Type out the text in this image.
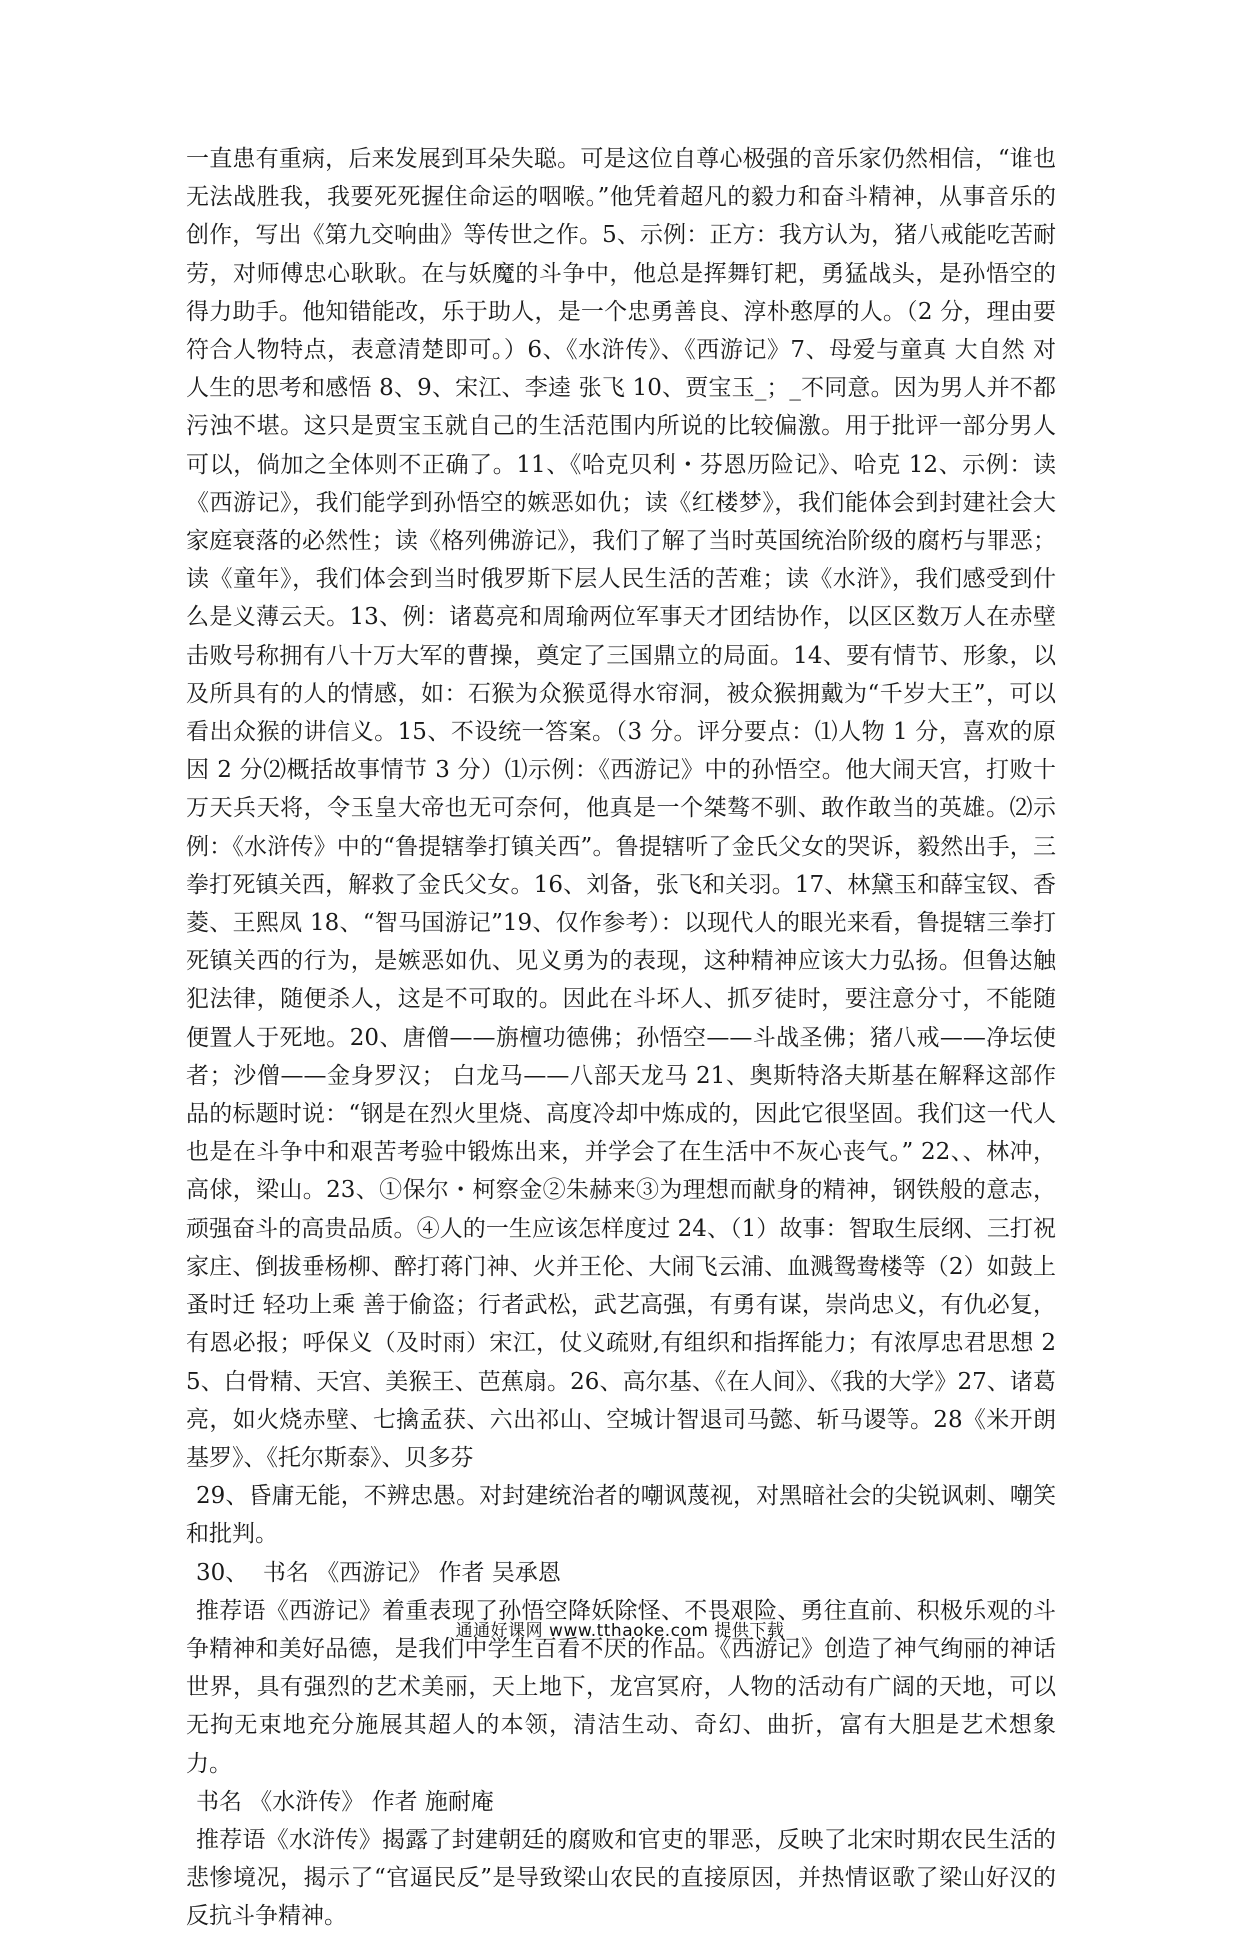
一直患有重病，后来发展到耳朵失聪。可是这位自尊心极强的音乐家仍然相信，“谁也无法战胜我，我要死死握住命运的咽喉。”他凭着超凡的毅力和奋斗精神，从事音乐的创作，写出《第九交响曲》等传世之作。5、示例：正方：我方认为，猪八戒能吃苦耐劳，对师傅忠心耿耿。在与妖魔的斗争中，他总是挥舞钉耙，勇猛战头，是孙悟空的得力助手。他知错能改，乐于助人，是一个忠勇善良、淳朴憨厚的人。（2 分，理由要符合人物特点，表意清楚即可。）6、《水浒传》、《西游记》7、母爱与童真 大自然 对人生的思考和感悟 8、9、宋江、李逵 张飞 10、贾宝玉_；_不同意。因为男人并不都污浊不堪。这只是贾宝玉就自己的生活范围内所说的比较偏激。用于批评一部分男人可以，倘加之全体则不正确了。11、《哈克贝利・芬恩历险记》、哈克 12、示例：读《西游记》，我们能学到孙悟空的嫉恶如仇；读《红楼梦》，我们能体会到封建社会大家庭衰落的必然性；读《格列佛游记》，我们了解了当时英国统治阶级的腐朽与罪恶；读《童年》，我们体会到当时俄罗斯下层人民生活的苦难；读《水浒》，我们感受到什么是义薄云天。13、例：诸葛亮和周瑜两位军事天才团结协作，以区区数万人在赤壁击败号称拥有八十万大军的曹操，奠定了三国鼎立的局面。14、要有情节、形象，以及所具有的人的情感，如：石猴为众猴觅得水帘洞，被众猴拥戴为“千岁大王”，可以看出众猴的讲信义。15、不设统一答案。（3 分。评分要点：⑴人物 1 分，喜欢的原因 2 分⑵概括故事情节 3 分）⑴示例：《西游记》中的孙悟空。他大闹天宫，打败十万天兵天将，令玉皇大帝也无可奈何，他真是一个桀骜不驯、敢作敢当的英雄。⑵示例：《水浒传》中的“鲁提辖拳打镇关西”。鲁提辖听了金氏父女的哭诉，毅然出手，三拳打死镇关西，解救了金氏父女。16、刘备，张飞和关羽。17、林黛玉和薛宝钗、香菱、王熙凤 18、“智马国游记”19、仅作参考）：以现代人的眼光来看，鲁提辖三拳打死镇关西的行为，是嫉恶如仇、见义勇为的表现，这种精神应该大力弘扬。但鲁达触犯法律，随便杀人，这是不可取的。因此在斗坏人、抓歹徒时，要注意分寸，不能随便置人于死地。20、唐僧——旃檀功德佛；孙悟空——斗战圣佛；猪八戒——净坛使者；沙僧——金身罗汉； 白龙马——八部天龙马 21、奥斯特洛夫斯基在解释这部作品的标题时说：“钢是在烈火里烧、高度冷却中炼成的，因此它很坚固。我们这一代人也是在斗争中和艰苦考验中锻炼出来，并学会了在生活中不灰心丧气。” 22、、林冲，高俅，梁山。23、①保尔・柯察金②朱赫来③为理想而献身的精神，钢铁般的意志，顽强奋斗的高贵品质。④人的一生应该怎样度过 24、（1）故事：智取生辰纲、三打祝家庄、倒拔垂杨柳、醉打蒋门神、火并王伦、大闹飞云浦、血溅鸳鸯楼等（2）如鼓上蚤时迁 轻功上乘 善于偷盗；行者武松，武艺高强，有勇有谋，崇尚忠义，有仇必复，有恩必报；呼保义（及时雨）宋江，仗义疏财,有组织和指挥能力；有浓厚忠君思想 25、白骨精、天宫、美猴王、芭蕉扇。26、高尔基、《在人间》、《我的大学》27、诸葛亮，如火烧赤壁、七擒孟获、六出祁山、空城计智退司马懿、斩马谡等。28《米开朗基罗》、《托尔斯泰》、贝多芬

29、昏庸无能，不辨忠愚。对封建统治者的嘲讽蔑视，对黑暗社会的尖锐讽刺、嘲笑和批判。

30、  书名 《西游记》 作者 吴承恩

推荐语《西游记》着重表现了孙悟空降妖除怪、不畏艰险、勇往直前、积极乐观的斗争精神和美好品德，是我们中学生百看不厌的作品。《西游记》创造了神气绚丽的神话世界，具有强烈的艺术美丽，天上地下，龙宫冥府，人物的活动有广阔的天地，可以无拘无束地充分施展其超人的本领，清洁生动、奇幻、曲折，富有大胆是艺术想象力。

书名 《水浒传》 作者 施耐庵

推荐语《水浒传》揭露了封建朝廷的腐败和官吏的罪恶，反映了北宋时期农民生活的悲惨境况，揭示了“官逼民反”是导致梁山农民的直接原因，并热情讴歌了梁山好汉的反抗斗争精神。

通通好课网 www.tthaoke.com 提供下载
